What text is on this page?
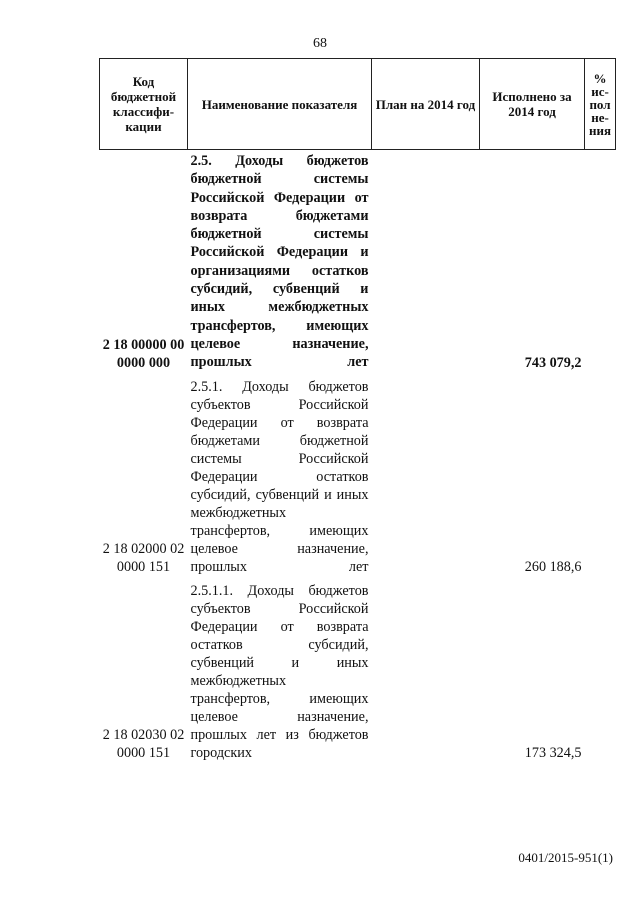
68
Код бюджетной классифи-кации	Наименование показателя	План на 2014 год	Исполнено за 2014 год	% ис-пол не-ния
2 18 00000 00 0000 000	2.5. Доходы бюджетов бюджетной системы Российской Федерации от возврата бюджетами бюджетной системы Российской Федерации и организациями остатков субсидий, субвенций и иных межбюджетных трансфертов, имеющих целевое назначение, прошлых лет		743 079,2	
2 18 02000 02 0000 151	2.5.1. Доходы бюджетов субъектов Российской Федерации от возврата бюджетами бюджетной системы Российской Федерации остатков субсидий, субвенций и иных межбюджетных трансфертов, имеющих целевое назначение, прошлых лет		260 188,6	
2 18 02030 02 0000 151	2.5.1.1. Доходы бюджетов субъектов Российской Федерации от возврата остатков субсидий, субвенций и иных межбюджетных трансфертов, имеющих целевое назначение, прошлых лет из бюджетов городских		173 324,5	
0401/2015-951(1)
